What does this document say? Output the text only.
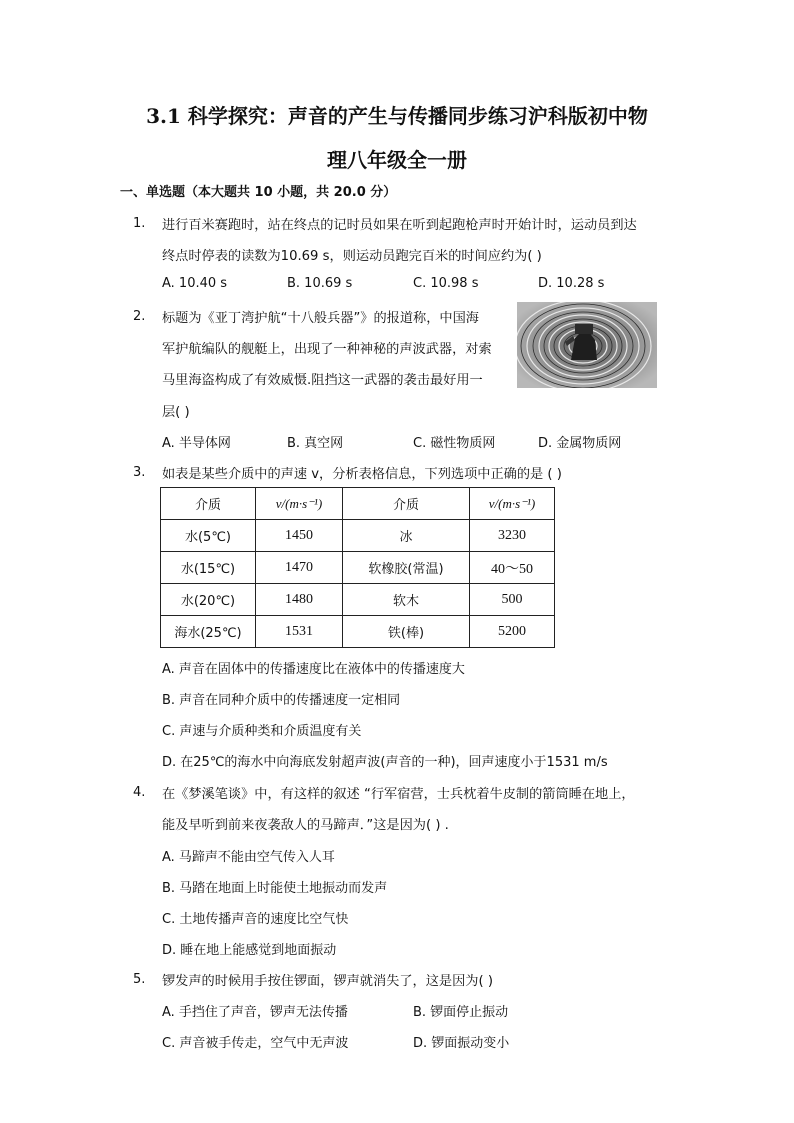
3.1 科学探究：声音的产生与传播同步练习沪科版初中物
理八年级全一册
一、单选题（本大题共 10 小题，共 20.0 分）
1. 进行百米赛跑时，站在终点的记时员如果在听到起跑枪声时开始计时，运动员到达
终点时停表的读数为10.69 s，则运动员跑完百米的时间应约为( )
A. 10.40 s	B. 10.69 s	C. 10.98 s	D. 10.28 s
2. 标题为《亚丁湾护航“十八般兵器”》的报道称，中国海
军护航编队的舰艇上，出现了一种神秘的声波武器，对索
马里海盗构成了有效威慑.阻挡这一武器的袭击最好用一
层( )
A. 半导体网	B. 真空网	C. 磁性物质网	D. 金属物质网
3. 如表是某些介质中的声速 v，分析表格信息，下列选项中正确的是 ( )
介质	v/(m·s⁻¹)	介质	v/(m·s⁻¹)
水(5℃)	1450	冰	3230
水(15℃)	1470	软橡胶(常温)	40～50
水(20℃)	1480	软木	500
海水(25℃)	1531	铁(棒)	5200
A. 声音在固体中的传播速度比在液体中的传播速度大
B. 声音在同种介质中的传播速度一定相同
C. 声速与介质种类和介质温度有关
D. 在25℃的海水中向海底发射超声波(声音的一种)，回声速度小于1531 m/s
4. 在《梦溪笔谈》中，有这样的叙述 “行军宿营，士兵枕着牛皮制的箭筒睡在地上，
能及早听到前来夜袭敌人的马蹄声．”这是因为( ) .
A. 马蹄声不能由空气传入人耳
B. 马踏在地面上时能使土地振动而发声
C. 土地传播声音的速度比空气快
D. 睡在地上能感觉到地面振动
5. 锣发声的时候用手按住锣面，锣声就消失了，这是因为( )
A. 手挡住了声音，锣声无法传播	B. 锣面停止振动
C. 声音被手传走，空气中无声波	D. 锣面振动变小
